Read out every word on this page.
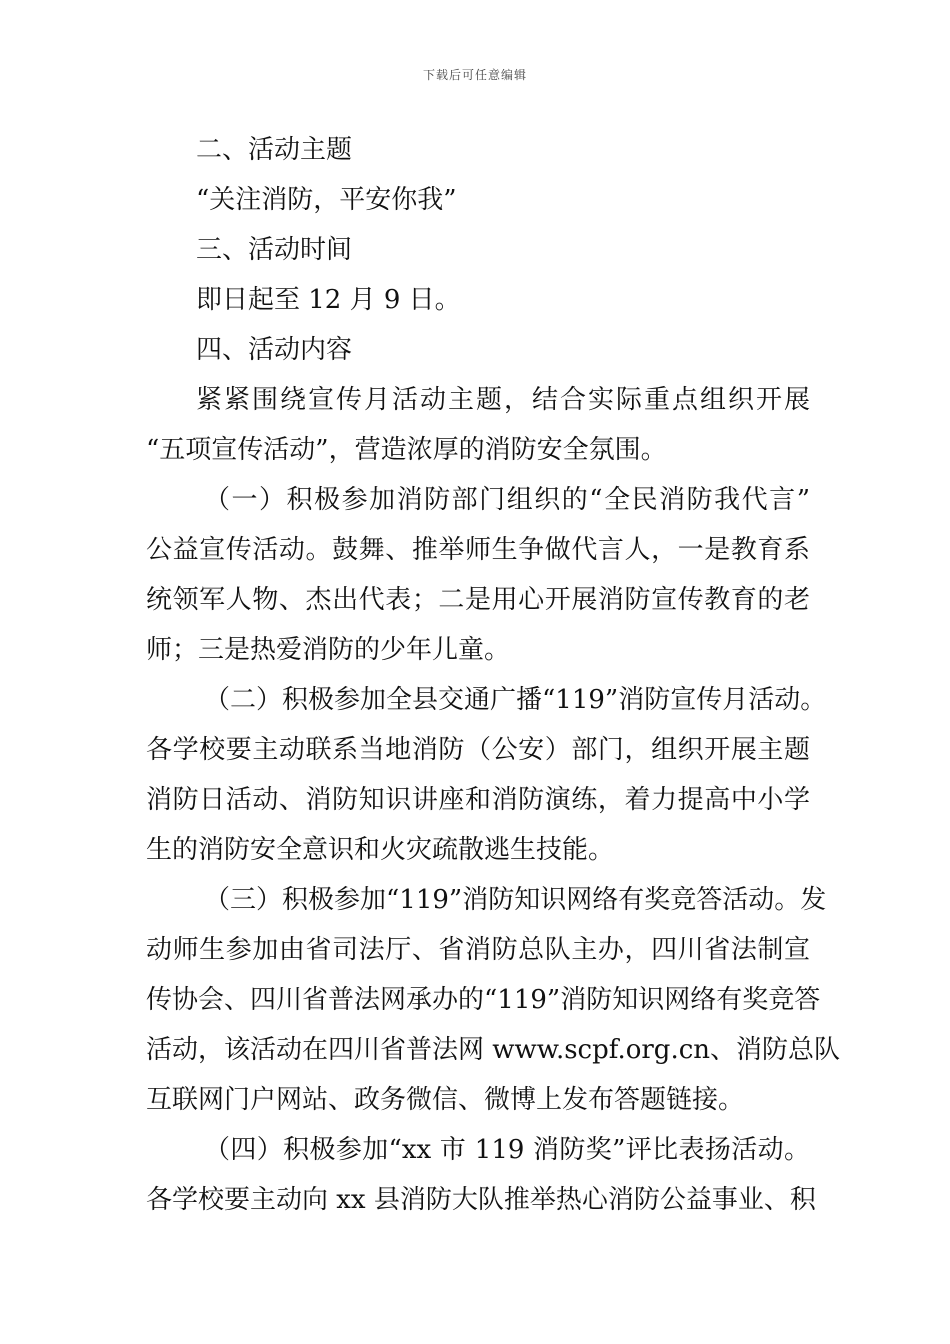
下载后可任意编辑
二、活动主题
“关注消防，平安你我”
三、活动时间
即日起至 12 月 9 日。
四、活动内容
紧紧围绕宣传月活动主题，结合实际重点组织开展
“五项宣传活动”，营造浓厚的消防安全氛围。
（一）积极参加消防部门组织的“全民消防我代言”
公益宣传活动。鼓舞、推举师生争做代言人，一是教育系
统领军人物、杰出代表；二是用心开展消防宣传教育的老
师；三是热爱消防的少年儿童。
（二）积极参加全县交通广播“119”消防宣传月活动。
各学校要主动联系当地消防（公安）部门，组织开展主题
消防日活动、消防知识讲座和消防演练，着力提高中小学
生的消防安全意识和火灾疏散逃生技能。
（三）积极参加“119”消防知识网络有奖竞答活动。发
动师生参加由省司法厅、省消防总队主办，四川省法制宣
传协会、四川省普法网承办的“119”消防知识网络有奖竞答
活动，该活动在四川省普法网 www.scpf.org.cn、消防总队
互联网门户网站、政务微信、微博上发布答题链接。
（四）积极参加“xx 市 119 消防奖”评比表扬活动。
各学校要主动向 xx 县消防大队推举热心消防公益事业、积
